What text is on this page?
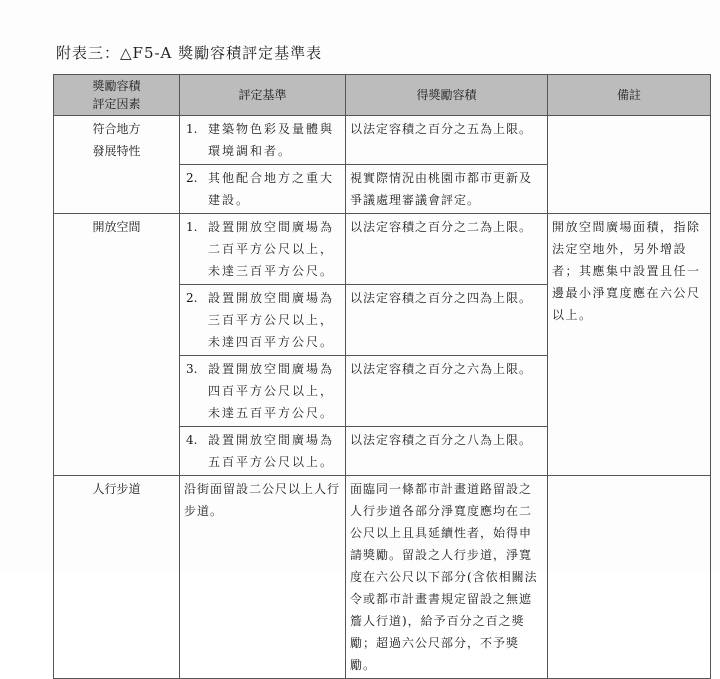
附表三：△F5-A 獎勵容積評定基準表
獎勵容積
評定因素	評定基準	得獎勵容積	備註

符合地方
發展特性	1. 建築物色彩及量體與環境調和者。	以法定容積之百分之五為上限。	

	2. 其他配合地方之重大建設。	視實際情況由桃園市都市更新及爭議處理審議會評定。	

開放空間	1. 設置開放空間廣場為二百平方公尺以上，未達三百平方公尺。	以法定容積之百分之二為上限。	開放空間廣場面積，指除法定空地外，另外增設者；其應集中設置且任一邊最小淨寬度應在六公尺以上。

	2. 設置開放空間廣場為三百平方公尺以上，未達四百平方公尺。	以法定容積之百分之四為上限。	

	3. 設置開放空間廣場為四百平方公尺以上，未達五百平方公尺。	以法定容積之百分之六為上限。	

	4. 設置開放空間廣場為五百平方公尺以上。	以法定容積之百分之八為上限。	

人行步道	沿街面留設二公尺以上人行步道。	面臨同一條都市計畫道路留設之人行步道各部分淨寬度應均在二公尺以上且具延續性者，始得申請獎勵。留設之人行步道，淨寬度在六公尺以下部分(含依相關法令或都市計畫書規定留設之無遮簷人行道)，給予百分之百之獎勵；超過六公尺部分，不予獎勵。	
